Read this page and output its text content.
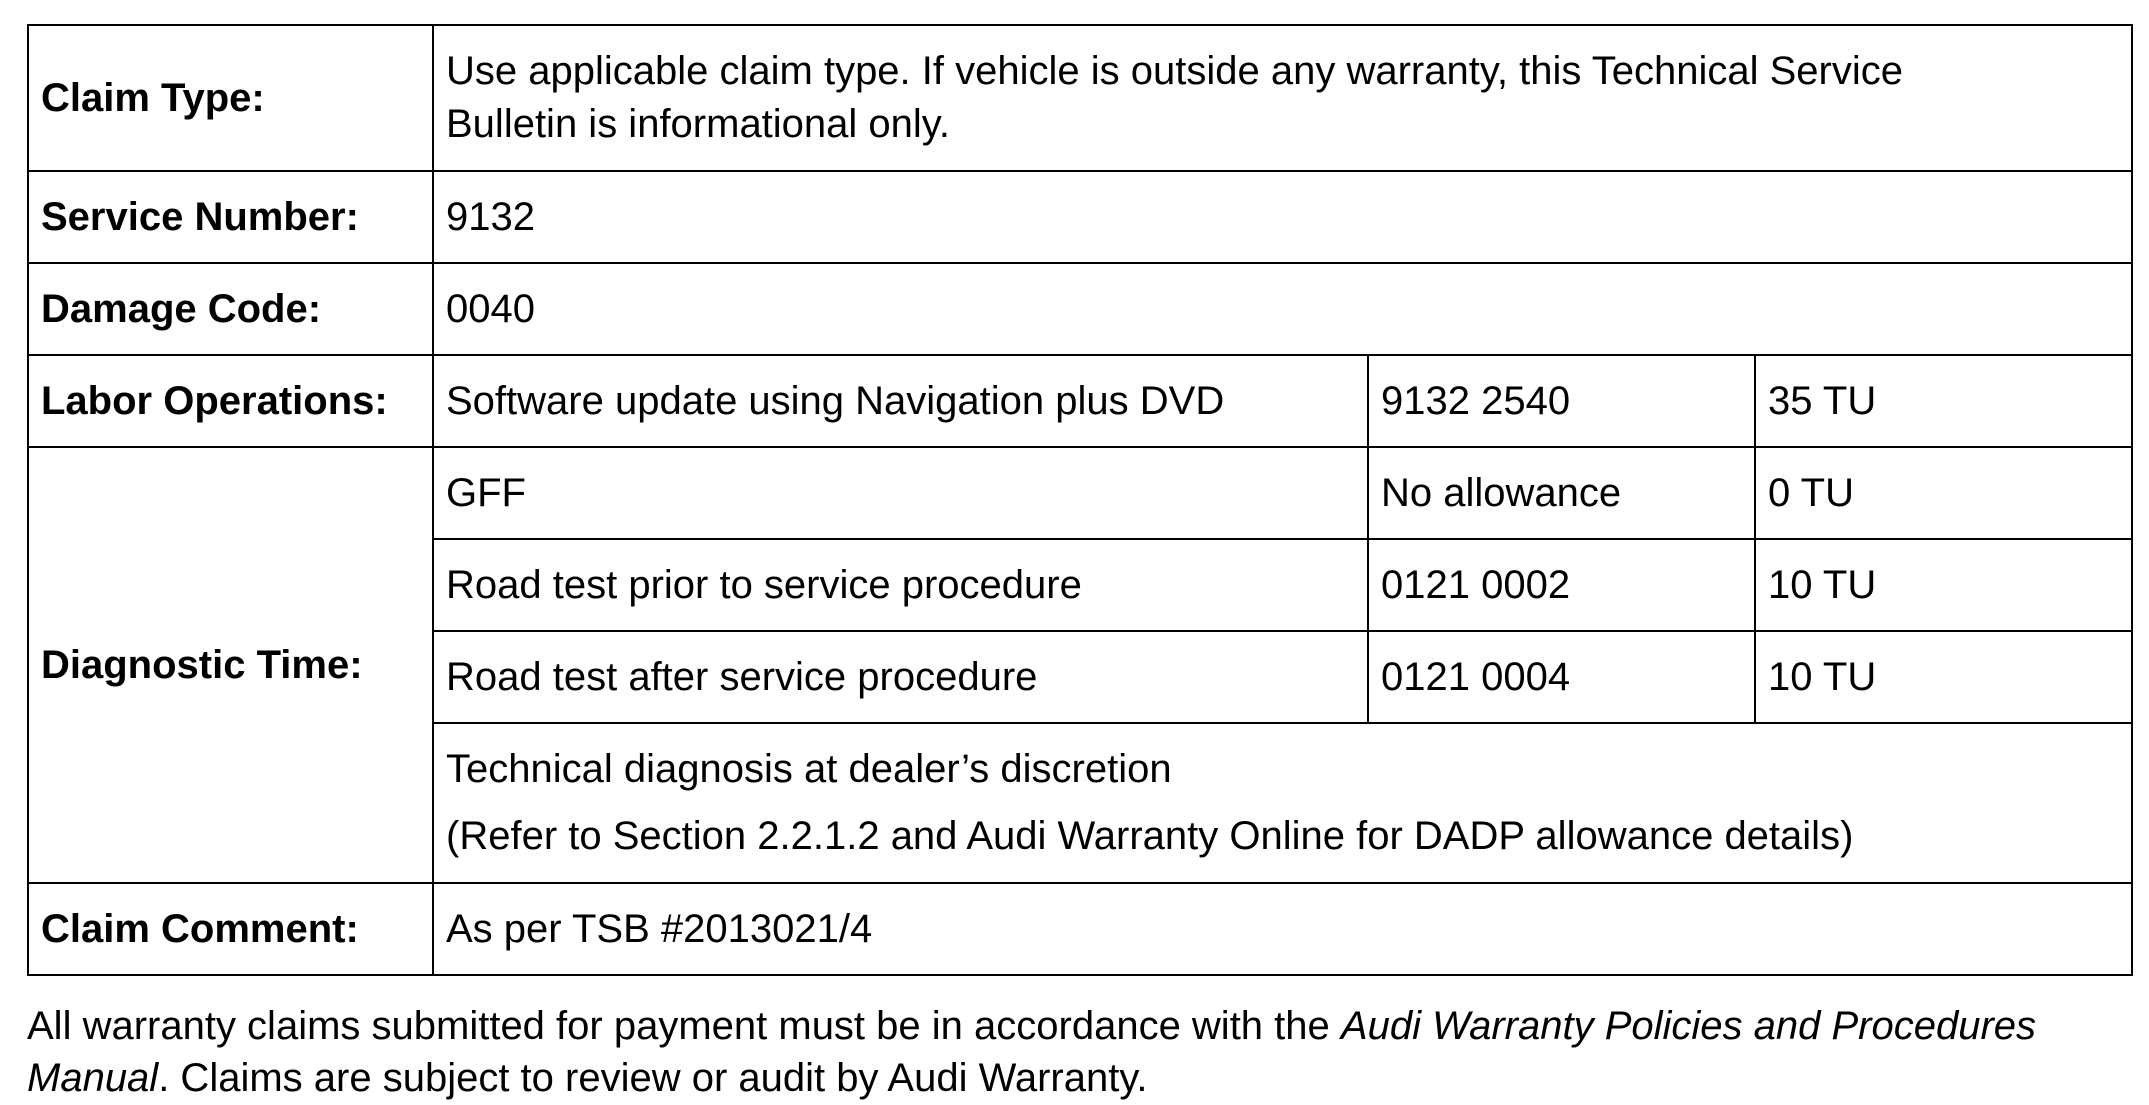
Claim Type:	Use applicable claim type. If vehicle is outside any warranty, this Technical Service
Bulletin is informational only.		

Service Number:	9132		
Damage Code:	0040		
Labor Operations:	Software update using Navigation plus DVD	9132 2540	35 TU
Diagnostic Time:	GFF	No allowance	0 TU
	Road test prior to service procedure	0121 0002	10 TU
	Road test after service procedure	0121 0004	10 TU

	Technical diagnosis at dealer’s discretion
(Refer to Section 2.2.1.2 and Audi Warranty Online for DADP allowance details)		

Claim Comment:	As per TSB #2013021/4		
All warranty claims submitted for payment must be in accordance with the Audi Warranty Policies and Procedures Manual. Claims are subject to review or audit by Audi Warranty.
